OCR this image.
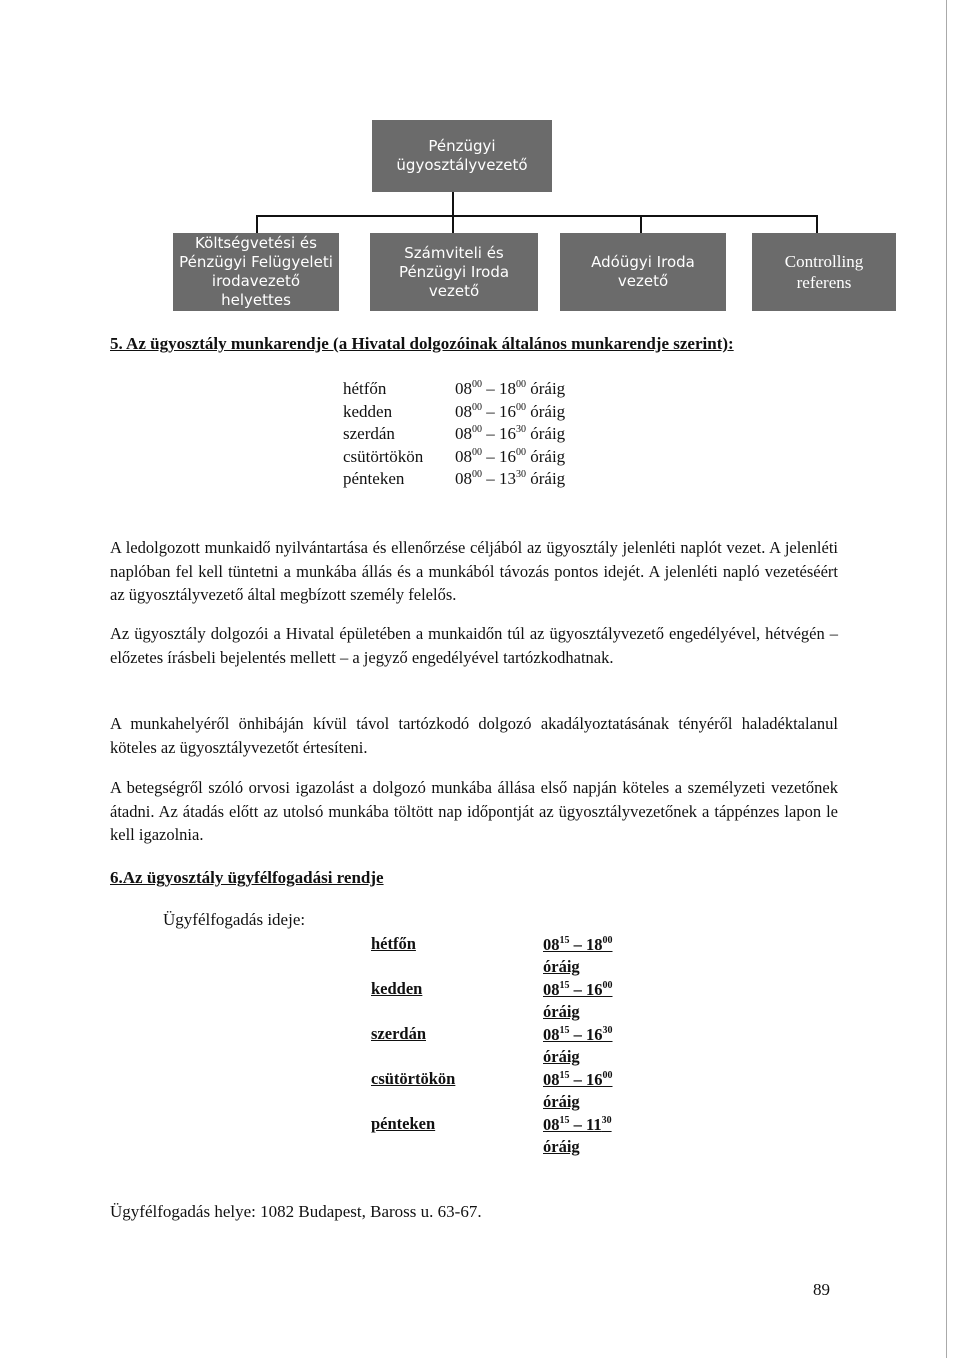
Pénzügyi ügyosztályvezető
Költségvetési és Pénzügyi Felügyeleti irodavezető helyettes
Számviteli és Pénzügyi Iroda vezető
Adóügyi Iroda vezető
Controlling referens
5. Az ügyosztály munkarendje (a Hivatal dolgozóinak általános munkarendje szerint):
hétfőn	$08^{00} - 18^{00}$ óráig
kedden	$08^{00} - 16^{00}$ óráig
szerdán	$08^{00} - 16^{30}$ óráig
csütörtökön	$08^{00} - 16^{00}$ óráig
pénteken	$08^{00} - 13^{30}$ óráig

A ledolgozott munkaidő nyilvántartása és ellenőrzése céljából az ügyosztály jelenléti naplót vezet. A jelenléti naplóban fel kell tüntetni a munkába állás és a munkából távozás pontos idejét. A jelenléti napló vezetéséért az ügyosztályvezető által megbízott személy felelős.

Az ügyosztály dolgozói a Hivatal épületében a munkaidőn túl az ügyosztályvezető engedélyével, hétvégén – előzetes írásbeli bejelentés mellett – a jegyző engedélyével tartózkodhatnak.

A munkahelyéről önhibáján kívül távol tartózkodó dolgozó akadályoztatásának tényéről haladéktalanul köteles az ügyosztályvezetőt értesíteni.

A betegségről szóló orvosi igazolást a dolgozó munkába állása első napján köteles a személyzeti vezetőnek átadni. Az átadás előtt az utolsó munkába töltött nap időpontját az ügyosztályvezetőnek a táppénzes lapon le kell igazolnia.

6.Az ügyosztály ügyfélfogadási rendje
Ügyfélfogadás ideje:
hétfőn	$08^{15} - 18^{00}$ óráig
kedden	$08^{15} - 16^{00}$ óráig
szerdán	$08^{15} - 16^{30}$ óráig
csütörtökön	$08^{15} - 16^{00}$ óráig
pénteken	$08^{15} - 11^{30}$ óráig
Ügyfélfogadás helye: 1082 Budapest, Baross u. 63-67.
89
